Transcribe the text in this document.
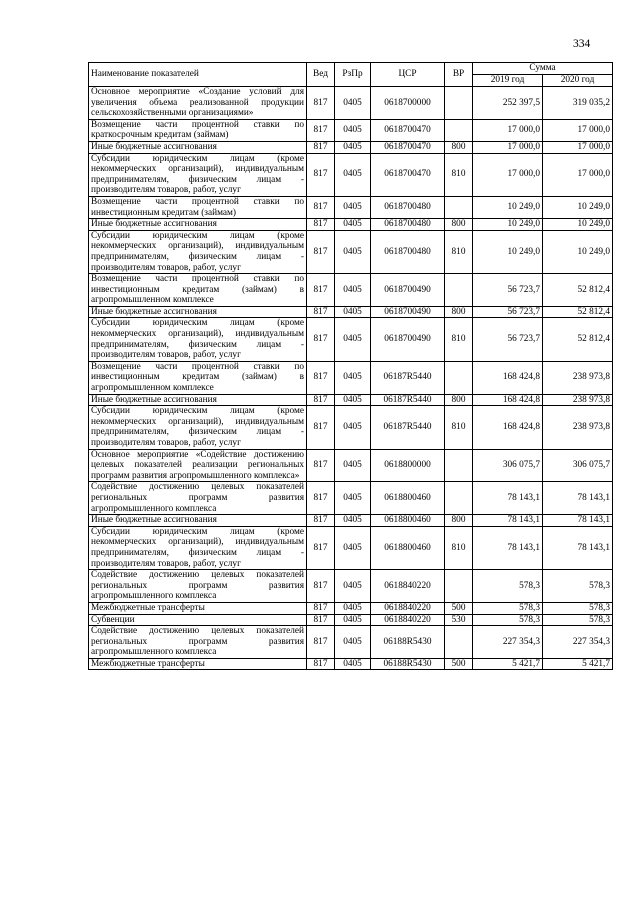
334
Наименование показателей	Вед	РзПр	ЦСР	ВР	Сумма	
					2019 год	2020 год
Основное мероприятие «Создание условий для увеличения объема реализованной продукции сельскохозяйственными организациями»	817	0405	0618700000		252 397,5	319 035,2
Возмещение части процентной ставки по краткосрочным кредитам (займам)	817	0405	0618700470		17 000,0	17 000,0
Иные бюджетные ассигнования	817	0405	0618700470	800	17 000,0	17 000,0
Субсидии юридическим лицам (кроме некоммерческих организаций), индивидуальным предпринимателям, физическим лицам - производителям товаров, работ, услуг	817	0405	0618700470	810	17 000,0	17 000,0
Возмещение части процентной ставки по инвестиционным кредитам (займам)	817	0405	0618700480		10 249,0	10 249,0
Иные бюджетные ассигнования	817	0405	0618700480	800	10 249,0	10 249,0
Субсидии юридическим лицам (кроме некоммерческих организаций), индивидуальным предпринимателям, физическим лицам - производителям товаров, работ, услуг	817	0405	0618700480	810	10 249,0	10 249,0
Возмещение части процентной ставки по инвестиционным кредитам (займам) в агропромышленном комплексе	817	0405	0618700490		56 723,7	52 812,4
Иные бюджетные ассигнования	817	0405	0618700490	800	56 723,7	52 812,4
Субсидии юридическим лицам (кроме некоммерческих организаций), индивидуальным предпринимателям, физическим лицам - производителям товаров, работ, услуг	817	0405	0618700490	810	56 723,7	52 812,4
Возмещение части процентной ставки по инвестиционным кредитам (займам) в агропромышленном комплексе	817	0405	06187R5440		168 424,8	238 973,8
Иные бюджетные ассигнования	817	0405	06187R5440	800	168 424,8	238 973,8
Субсидии юридическим лицам (кроме некоммерческих организаций), индивидуальным предпринимателям, физическим лицам - производителям товаров, работ, услуг	817	0405	06187R5440	810	168 424,8	238 973,8
Основное мероприятие «Содействие достижению целевых показателей реализации региональных программ развития агропромышленного комплекса»	817	0405	0618800000		306 075,7	306 075,7
Содействие достижению целевых показателей региональных программ развития агропромышленного комплекса	817	0405	0618800460		78 143,1	78 143,1
Иные бюджетные ассигнования	817	0405	0618800460	800	78 143,1	78 143,1
Субсидии юридическим лицам (кроме некоммерческих организаций), индивидуальным предпринимателям, физическим лицам - производителям товаров, работ, услуг	817	0405	0618800460	810	78 143,1	78 143,1
Содействие достижению целевых показателей региональных программ развития агропромышленного комплекса	817	0405	0618840220		578,3	578,3
Межбюджетные трансферты	817	0405	0618840220	500	578,3	578,3
Субвенции	817	0405	0618840220	530	578,3	578,3
Содействие достижению целевых показателей региональных программ развития агропромышленного комплекса	817	0405	06188R5430		227 354,3	227 354,3
Межбюджетные трансферты	817	0405	06188R5430	500	5 421,7	5 421,7
